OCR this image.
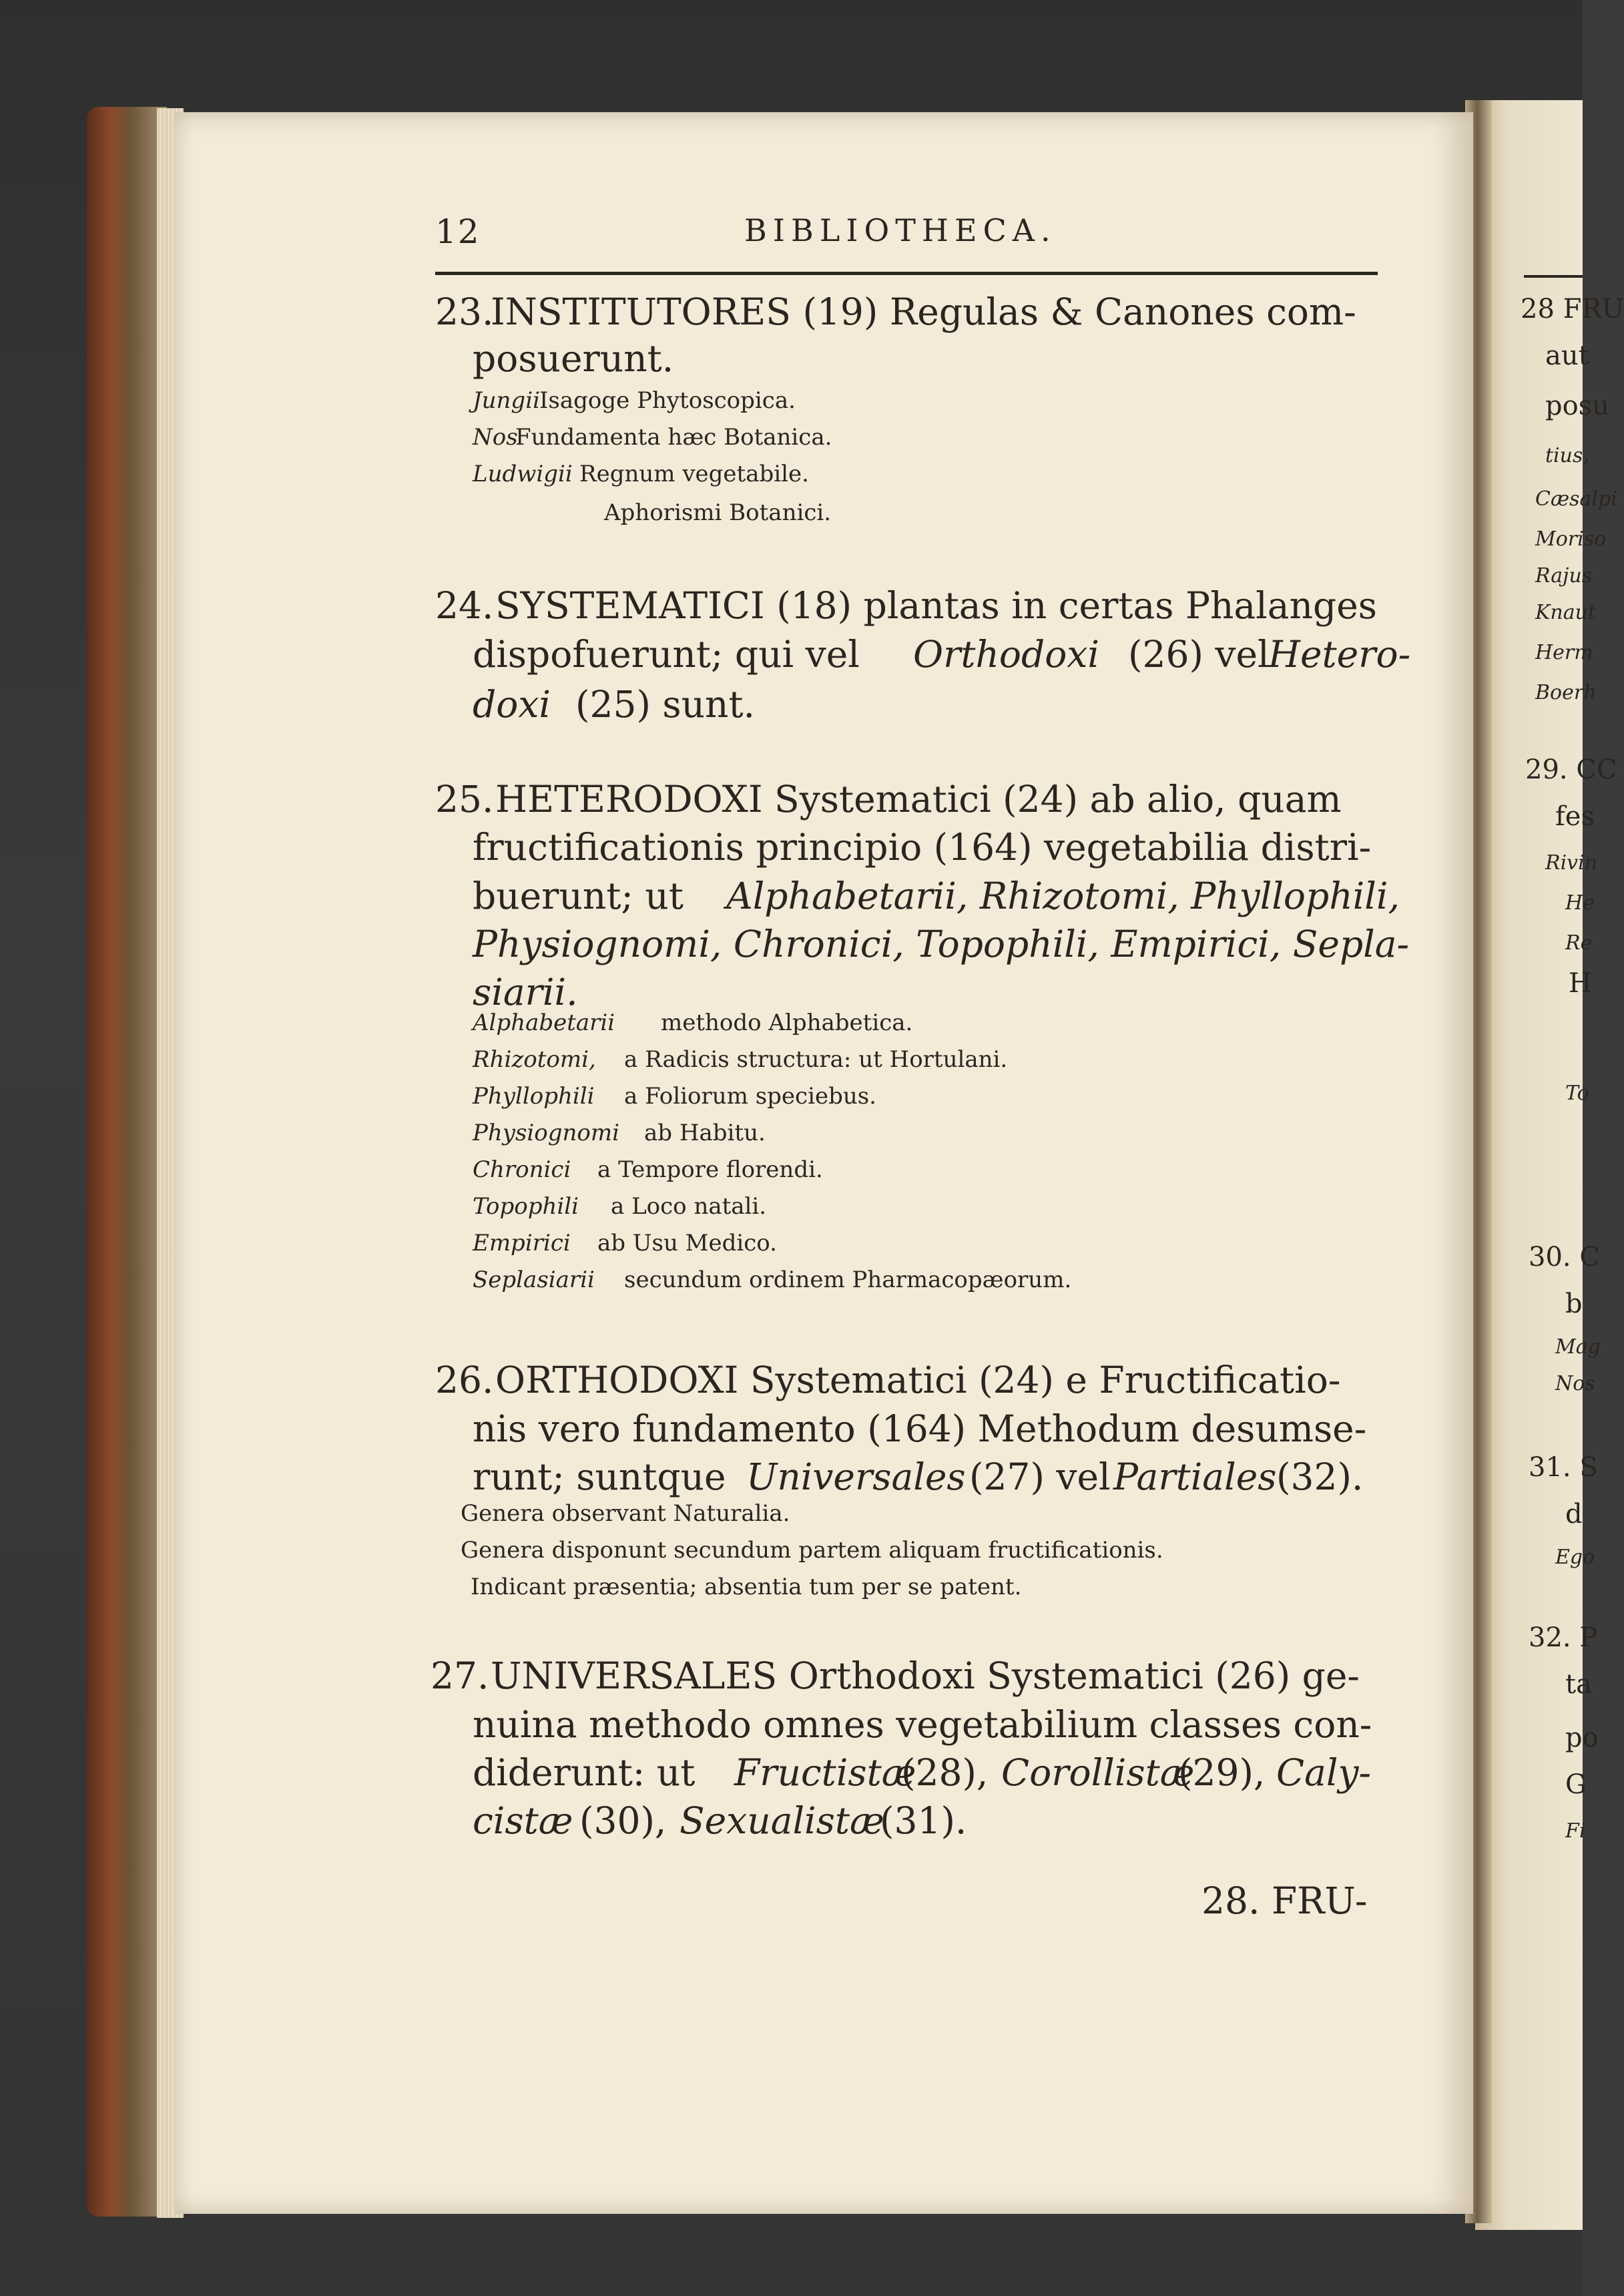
12	BIBLIOTHECA.
23.
INSTITUTORES (19) Regulas & Canones com-
posuerunt.
Jungii Isagoge Phytoscopica.
Nos
Fundamenta hæc Botanica.
Ludwigii Regnum vegetabile.
Aphorismi Botanici.
24. SYSTEMATICI (18) plantas in certas Phalanges
dispofuerunt; qui vel Orthodoxi (26) vel
Hetero-
doxi (25) sunt.
25. HETERODOXI Systematici (24) ab alio, quam
fructificationis principio (164) vegetabilia distri-
buerunt; ut Alphabetarii, Rhizotomi, Phyllophili,
Physiognomi, Chronici, Topophili, Empirici, Sepla-
siarii.
Alphabetarii methodo Alphabetica.
Rhizotomi, a Radicis structura: ut Hortulani.
Phyllophili a Foliorum speciebus.
Physiognomi ab Habitu.
Chronici a Tempore florendi.
Topophili a Loco natali.
Empirici ab Usu Medico.
Seplasiarii secundum ordinem Pharmacopæorum.
26. ORTHODOXI Systematici (24) e Fructificatio-
nis vero fundamento (164) Methodum desumse-
runt; suntque Universales (27) vel Partiales (32).
Genera observant Naturalia.
Genera disponunt secundum partem aliquam fructificationis.
Indicant præsentia; absentia tum per se patent.
27. UNIVERSALES Orthodoxi Systematici (26) ge-
nuina methodo omnes vegetabilium classes con-
diderunt: ut Fructistæ
(28), Corollistæ
(29), Caly-
cistæ (30), Sexualistæ
(31).
28. FRU-
28 FRU
aut
posu
tius,
Cæsalpi
Moriso
Rajus
Knaut
Herm
Boerh
29. CC
fes
Rivin
He
Re
H
To
30. C
b
Mag
Nos
31. S
d
Ego
32. P
ta
po
G
Fi
